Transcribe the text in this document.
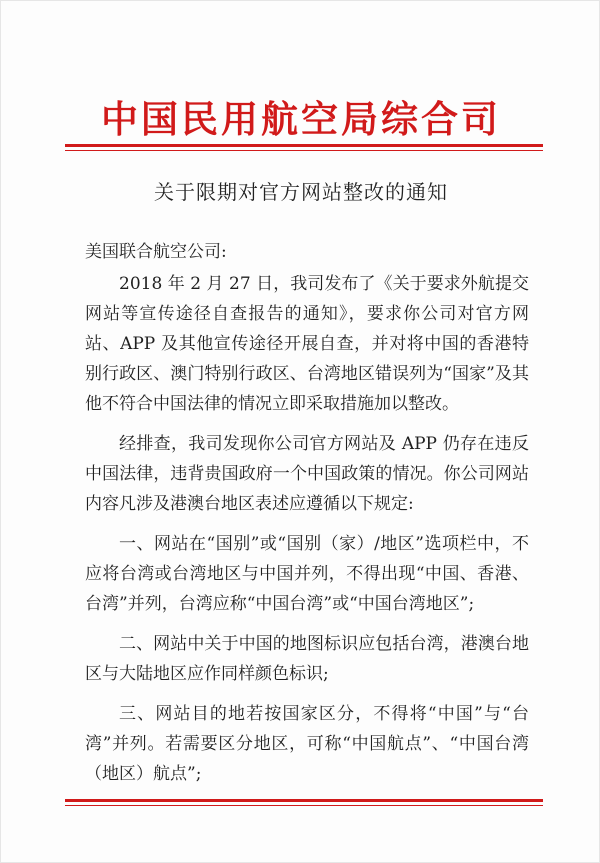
中国民用航空局综合司
关于限期对官方网站整改的通知

美国联合航空公司:

2018 年 2 月 27 日，我司发布了《关于要求外航提交网站等宣传途径自查报告的通知》，要求你公司对官方网站、APP 及其他宣传途径开展自查，并对将中国的香港特别行政区、澳门特别行政区、台湾地区错误列为“国家”及其他不符合中国法律的情况立即采取措施加以整改。

经排查，我司发现你公司官方网站及 APP 仍存在违反中国法律，违背贵国政府一个中国政策的情况。你公司网站内容凡涉及港澳台地区表述应遵循以下规定:

一、网站在“国别”或“国别（家）/地区”选项栏中，不应将台湾或台湾地区与中国并列，不得出现“中国、香港、台湾”并列，台湾应称“中国台湾”或“中国台湾地区”;

二、网站中关于中国的地图标识应包括台湾，港澳台地区与大陆地区应作同样颜色标识;

三、网站目的地若按国家区分，不得将“中国”与“台湾”并列。若需要区分地区，可称“中国航点”、“中国台湾（地区）航点”;
